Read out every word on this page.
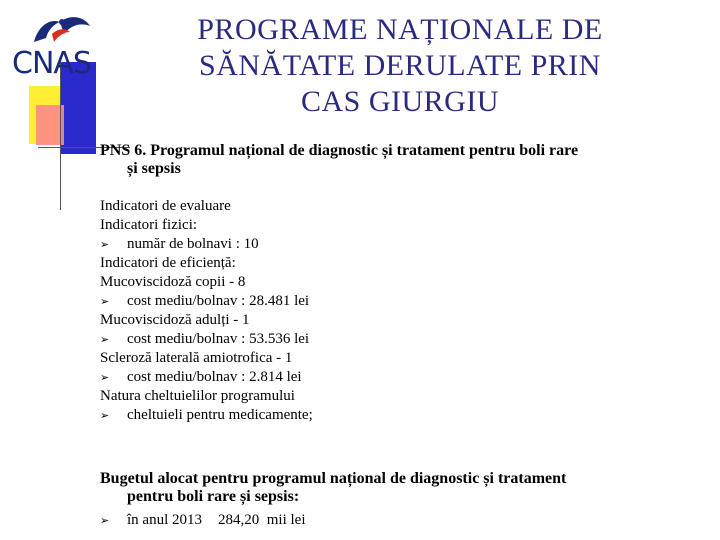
CNAS
PROGRAME NAȚIONALE DE
SĂNĂTATE DERULATE PRIN
CAS GIURGIU
PNS 6. Programul național de diagnostic și tratament pentru boli rare
și sepsis
Indicatori de evaluare
Indicatori fizici:
➢ număr de bolnavi : 10
Indicatori de eficiență:
Mucoviscidoză copii - 8
➢ cost mediu/bolnav : 28.481 lei
Mucoviscidoză adulți - 1
➢ cost mediu/bolnav : 53.536 lei
Scleroză laterală amiotrofica - 1
➢ cost mediu/bolnav : 2.814 lei
Natura cheltuielilor programului
➢ cheltuieli pentru medicamente;
Bugetul alocat pentru programul național de diagnostic și tratament
pentru boli rare și sepsis:
➢ în anul 2013 284,20 mii lei
